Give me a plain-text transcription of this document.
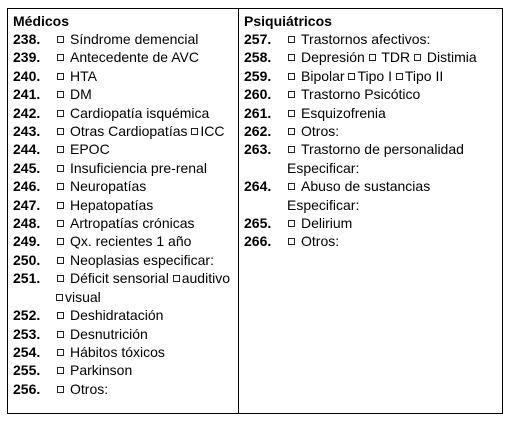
Médicos
238.	Síndrome demencial
239.	Antecedente de AVC
240.	HTA
241.	DM
242.	Cardiopatía isquémica
243.	Otras Cardiopatías ICC
244.	EPOC
245.	Insuficiencia pre-renal
246.	Neuropatías
247.	Hepatopatías
248.	Artropatías crónicas
249.	Qx. recientes 1 año
250.	Neoplasias especificar:
251.	Déficit sensorial auditivo
visual
252.	Deshidratación
253.	Desnutrición
254.	Hábitos tóxicos
255.	Parkinson
256.	Otros:
Psiquiátricos
257.	Trastornos afectivos:
258.	Depresión TDR Distimia
259.	Bipolar Tipo I Tipo II
260.	Trastorno Psicótico
261.	Esquizofrenia
262.	Otros:
263.	Trastorno de personalidad
Especificar:
264.	Abuso de sustancias
Especificar:
265.	Delirium
266.	Otros:
